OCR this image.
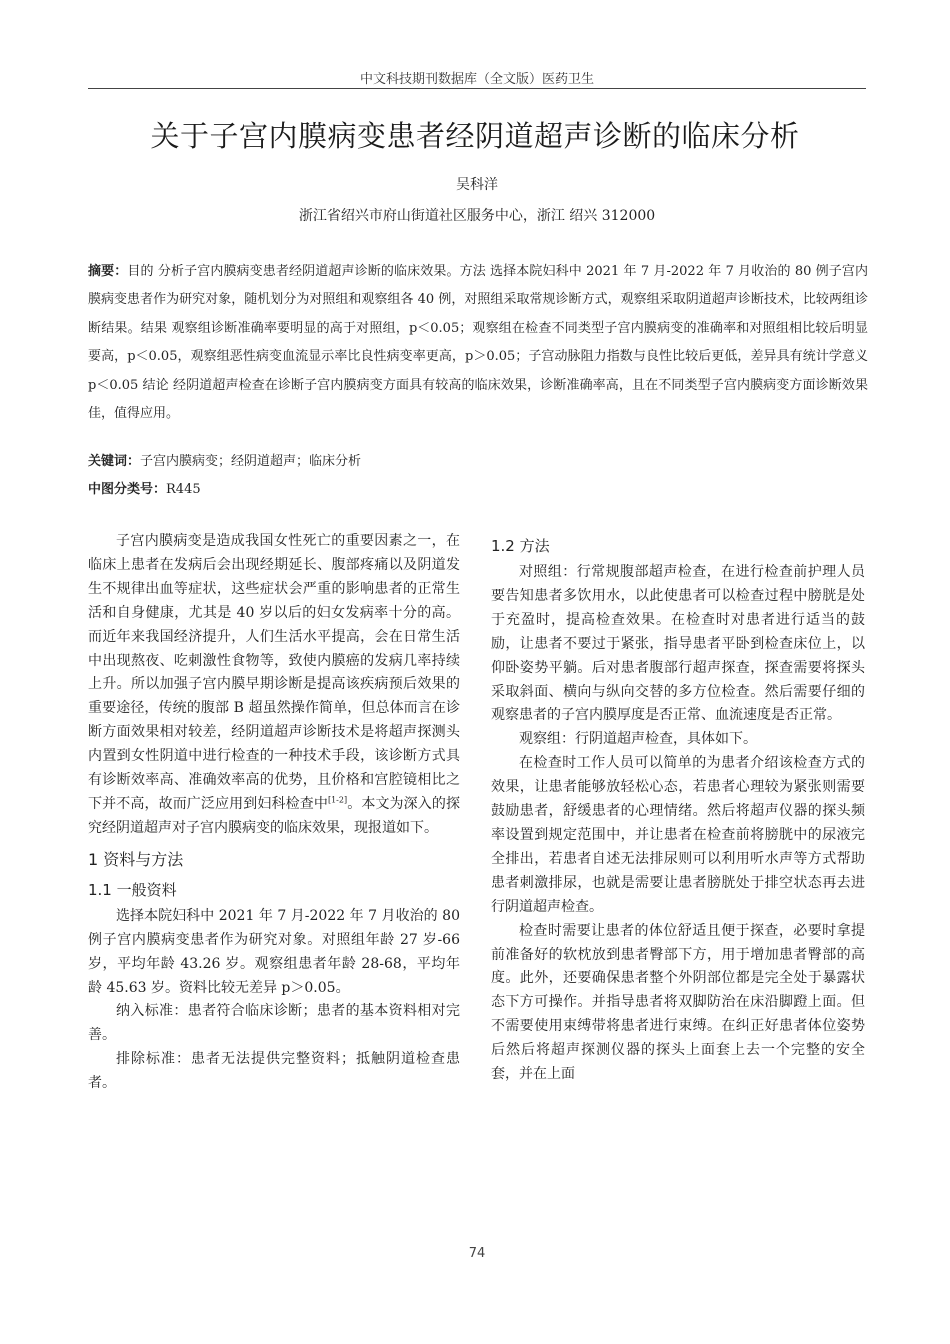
中文科技期刊数据库（全文版）医药卫生
关于子宫内膜病变患者经阴道超声诊断的临床分析
吴科洋
浙江省绍兴市府山街道社区服务中心，浙江 绍兴 312000

摘要：目的 分析子宫内膜病变患者经阴道超声诊断的临床效果。方法 选择本院妇科中 2021 年 7 月-2022 年 7 月收治的 80 例子宫内膜病变患者作为研究对象，随机划分为对照组和观察组各 40 例，对照组采取常规诊断方式，观察组采取阴道超声诊断技术，比较两组诊断结果。结果 观察组诊断准确率要明显的高于对照组，p＜0.05；观察组在检查不同类型子宫内膜病变的准确率和对照组相比较后明显要高，p＜0.05，观察组恶性病变血流显示率比良性病变率更高，p＞0.05；子宫动脉阻力指数与良性比较后更低，差异具有统计学意义 p＜0.05 结论 经阴道超声检查在诊断子宫内膜病变方面具有较高的临床效果，诊断准确率高，且在不同类型子宫内膜病变方面诊断效果佳，值得应用。

关键词：子宫内膜病变；经阴道超声；临床分析
中图分类号：R445

子宫内膜病变是造成我国女性死亡的重要因素之一，在临床上患者在发病后会出现经期延长、腹部疼痛以及阴道发生不规律出血等症状，这些症状会严重的影响患者的正常生活和自身健康，尤其是 40 岁以后的妇女发病率十分的高。而近年来我国经济提升，人们生活水平提高，会在日常生活中出现熬夜、吃刺激性食物等，致使内膜癌的发病几率持续上升。所以加强子宫内膜早期诊断是提高该疾病预后效果的重要途径，传统的腹部 B 超虽然操作简单，但总体而言在诊断方面效果相对较差，经阴道超声诊断技术是将超声探测头内置到女性阴道中进行检查的一种技术手段，该诊断方式具有诊断效率高、准确效率高的优势，且价格和宫腔镜相比之下并不高，故而广泛应用到妇科检查中[1-2]。本文为深入的探究经阴道超声对子宫内膜病变的临床效果，现报道如下。

1 资料与方法

1.1 一般资料

选择本院妇科中 2021 年 7 月-2022 年 7 月收治的 80 例子宫内膜病变患者作为研究对象。对照组年龄 27 岁-66 岁，平均年龄 43.26 岁。观察组患者年龄 28-68，平均年龄 45.63 岁。资料比较无差异 p＞0.05。

纳入标准：患者符合临床诊断；患者的基本资料相对完善。

排除标准：患者无法提供完整资料；抵触阴道检查患者。

1.2 方法

对照组：行常规腹部超声检查，在进行检查前护理人员要告知患者多饮用水，以此使患者可以检查过程中膀胱是处于充盈时，提高检查效果。在检查时对患者进行适当的鼓励，让患者不要过于紧张，指导患者平卧到检查床位上，以仰卧姿势平躺。后对患者腹部行超声探查，探查需要将探头采取斜面、横向与纵向交替的多方位检查。然后需要仔细的观察患者的子宫内膜厚度是否正常、血流速度是否正常。

观察组：行阴道超声检查，具体如下。

在检查时工作人员可以简单的为患者介绍该检查方式的效果，让患者能够放轻松心态，若患者心理较为紧张则需要鼓励患者，舒缓患者的心理情绪。然后将超声仪器的探头频率设置到规定范围中，并让患者在检查前将膀胱中的尿液完全排出，若患者自述无法排尿则可以利用听水声等方式帮助患者刺激排尿，也就是需要让患者膀胱处于排空状态再去进行阴道超声检查。

检查时需要让患者的体位舒适且便于探查，必要时拿提前准备好的软枕放到患者臀部下方，用于增加患者臀部的高度。此外，还要确保患者整个外阴部位都是完全处于暴露状态下方可操作。并指导患者将双脚防治在床沿脚蹬上面。但不需要使用束缚带将患者进行束缚。在纠正好患者体位姿势后然后将超声探测仪器的探头上面套上去一个完整的安全套，并在上面

74
